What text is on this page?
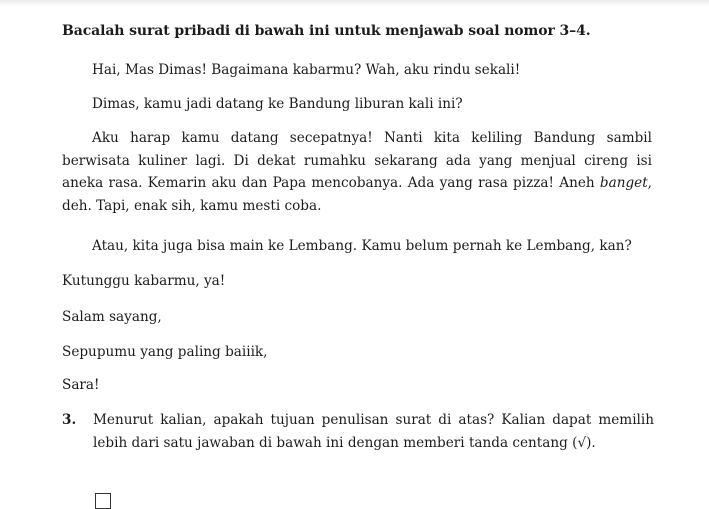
Bacalah surat pribadi di bawah ini untuk menjawab soal nomor 3–4.
Hai, Mas Dimas! Bagaimana kabarmu? Wah, aku rindu sekali!
Dimas, kamu jadi datang ke Bandung liburan kali ini?
Aku harap kamu datang secepatnya! Nanti kita keliling Bandung sambil berwisata kuliner lagi. Di dekat rumahku sekarang ada yang menjual cireng isi aneka rasa. Kemarin aku dan Papa mencobanya. Ada yang rasa pizza! Aneh banget, deh. Tapi, enak sih, kamu mesti coba.
Atau, kita juga bisa main ke Lembang. Kamu belum pernah ke Lembang, kan?
Kutunggu kabarmu, ya!
Salam sayang,
Sepupumu yang paling baiiik,
Sara!
3. Menurut kalian, apakah tujuan penulisan surat di atas? Kalian dapat memilih lebih dari satu jawaban di bawah ini dengan memberi tanda centang (√).
